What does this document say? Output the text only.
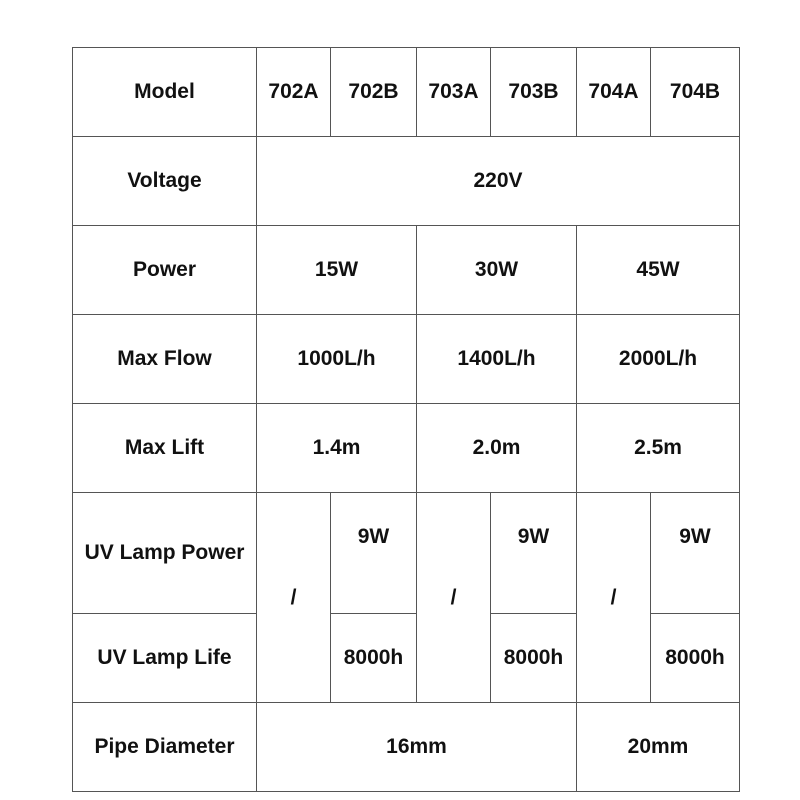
Model	702A	702B	703A	703B	704A	704B
Voltage	220V					
Power	15W		30W		45W	
Max Flow	1000L/h		1400L/h		2000L/h	
Max Lift	1.4m		2.0m		2.5m	
UV Lamp Power	/	9W	/	9W	/	9W
UV Lamp Life		8000h		8000h		8000h
Pipe Diameter	16mm				20mm	
